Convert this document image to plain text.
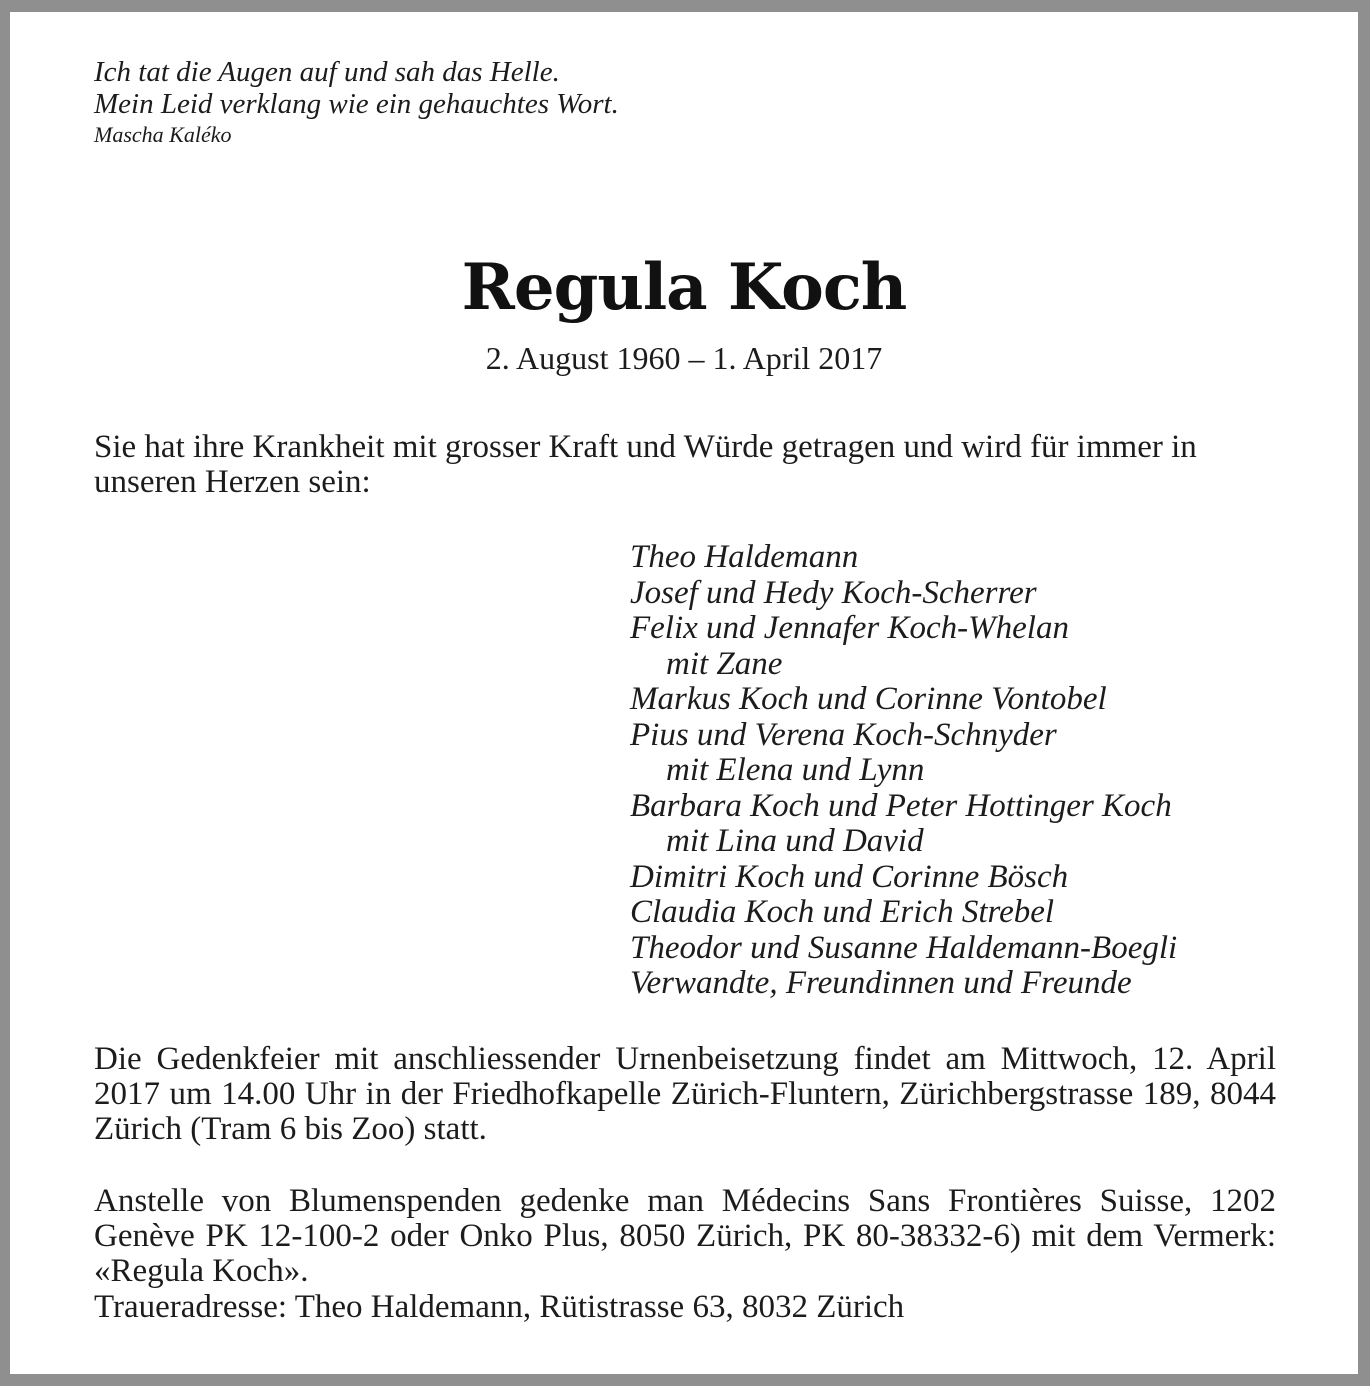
Ich tat die Augen auf und sah das Helle.
Mein Leid verklang wie ein gehauchtes Wort.
Mascha Kaléko
Regula Koch
2. August 1960 – 1. April 2017
Sie hat ihre Krankheit mit grosser Kraft und Würde getragen und wird für immer in unseren Herzen sein:
Theo Haldemann
Josef und Hedy Koch-Scherrer
Felix und Jennafer Koch-Whelan
mit Zane
Markus Koch und Corinne Vontobel
Pius und Verena Koch-Schnyder
mit Elena und Lynn
Barbara Koch und Peter Hottinger Koch
mit Lina und David
Dimitri Koch und Corinne Bösch
Claudia Koch und Erich Strebel
Theodor und Susanne Haldemann-Boegli
Verwandte, Freundinnen und Freunde

Die Gedenkfeier mit anschliessender Urnenbeisetzung findet am Mittwoch, 12. April 2017 um 14.00 Uhr in der Friedhofkapelle Zürich-Fluntern, Zürichbergstrasse 189, 8044 Zürich (Tram 6 bis Zoo) statt.

Anstelle von Blumenspenden gedenke man Médecins Sans Frontières Suisse, 1202 Genève PK 12-100-2 oder Onko Plus, 8050 Zürich, PK 80-38332-6) mit dem Vermerk: «Regula Koch».

Traueradresse: Theo Haldemann, Rütistrasse 63, 8032 Zürich
